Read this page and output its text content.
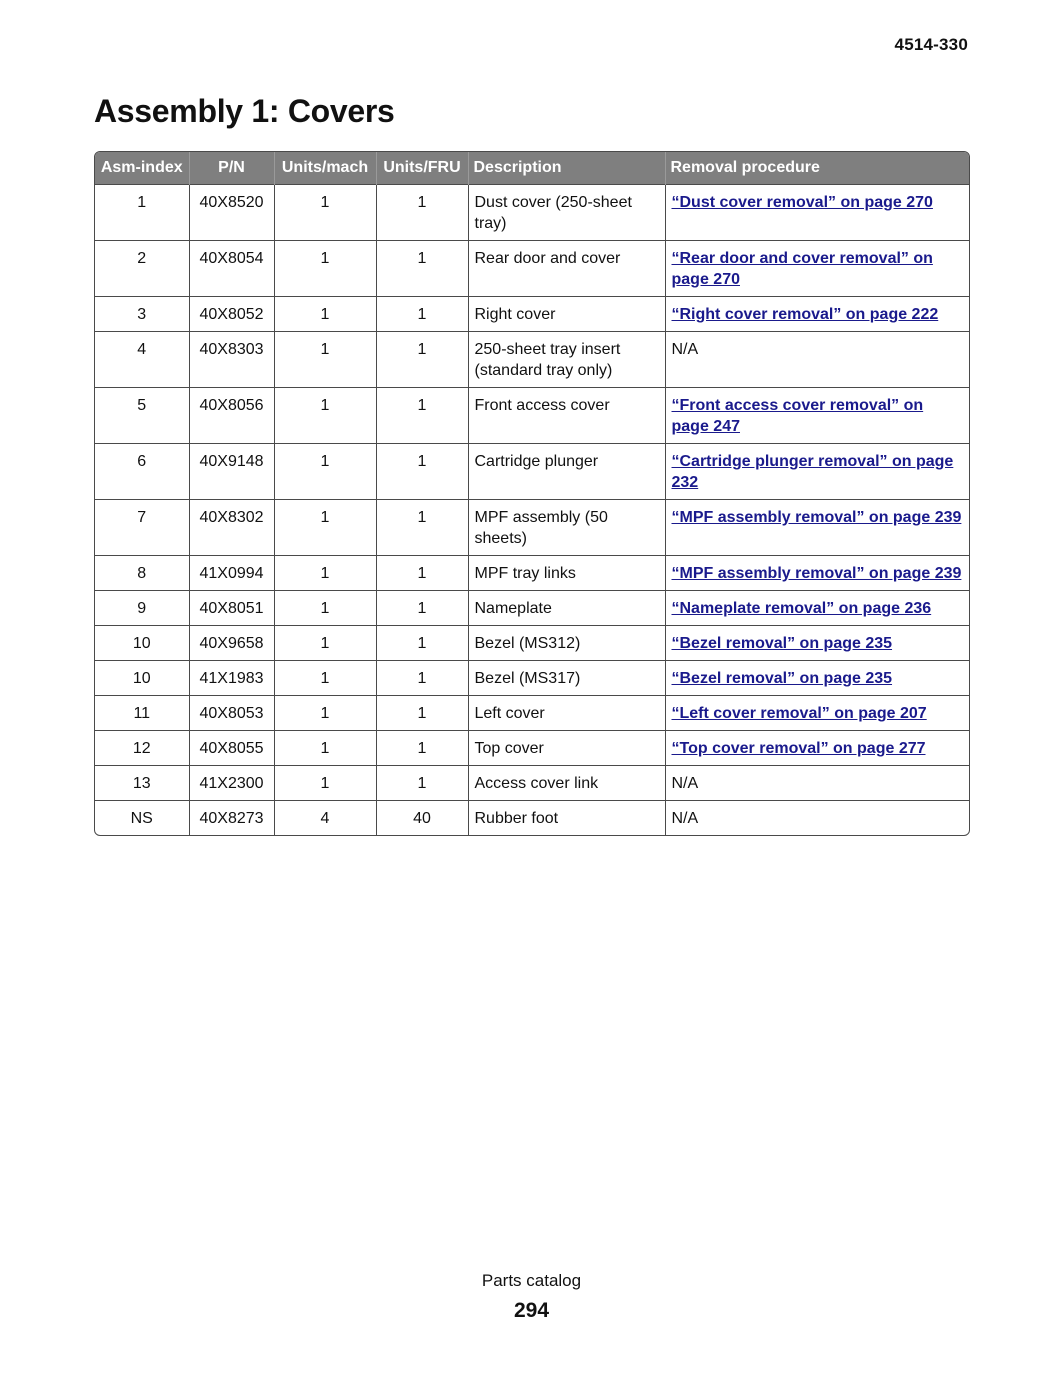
4514-330
Assembly 1: Covers
Asm-index	P/N	Units/mach	Units/FRU	Description	Removal procedure
1	40X8520	1	1	Dust cover (250-sheet tray)	“Dust cover removal” on page 270
2	40X8054	1	1	Rear door and cover	“Rear door and cover removal” on page 270
3	40X8052	1	1	Right cover	“Right cover removal” on page 222
4	40X8303	1	1	250-sheet tray insert (standard tray only)	N/A
5	40X8056	1	1	Front access cover	“Front access cover removal” on page 247
6	40X9148	1	1	Cartridge plunger	“Cartridge plunger removal” on page 232
7	40X8302	1	1	MPF assembly (50 sheets)	“MPF assembly removal” on page 239
8	41X0994	1	1	MPF tray links	“MPF assembly removal” on page 239
9	40X8051	1	1	Nameplate	“Nameplate removal” on page 236
10	40X9658	1	1	Bezel (MS312)	“Bezel removal” on page 235
10	41X1983	1	1	Bezel (MS317)	“Bezel removal” on page 235
11	40X8053	1	1	Left cover	“Left cover removal” on page 207
12	40X8055	1	1	Top cover	“Top cover removal” on page 277
13	41X2300	1	1	Access cover link	N/A
NS	40X8273	4	40	Rubber foot	N/A
Parts catalog
294
